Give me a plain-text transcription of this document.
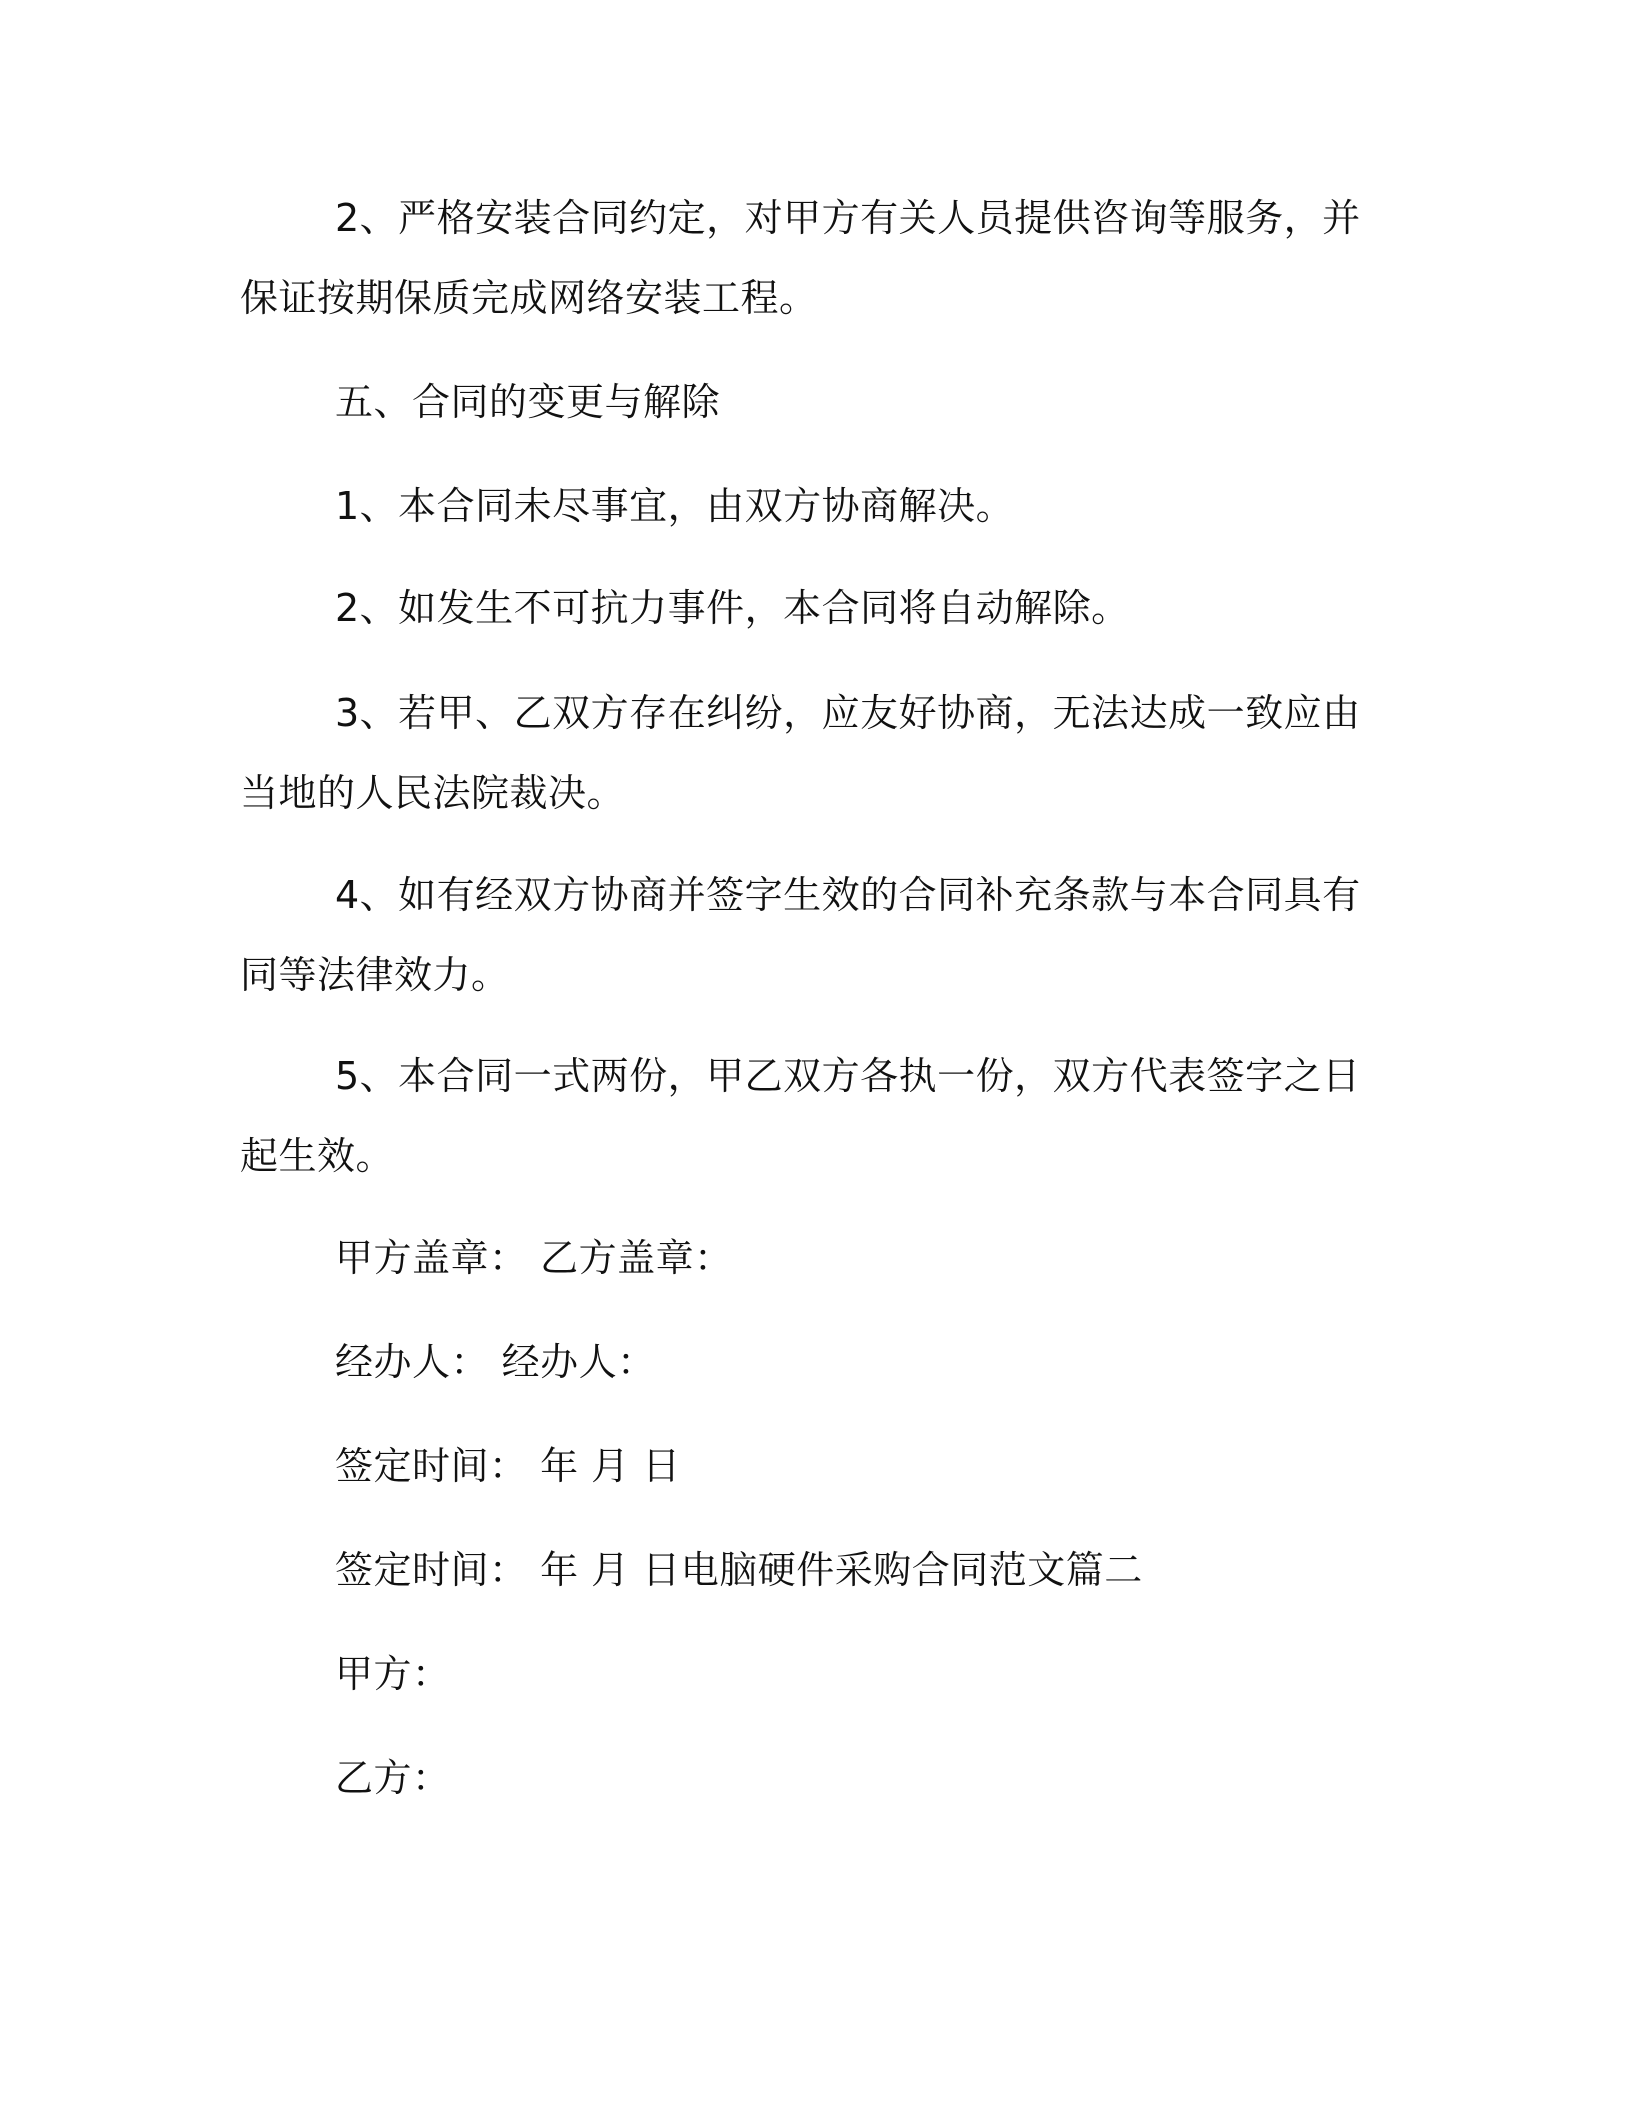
2、严格安装合同约定，对甲方有关人员提供咨询等服务，并保证按期保质完成网络安装工程。

五、合同的变更与解除

1、本合同未尽事宜，由双方协商解决。

2、如发生不可抗力事件，本合同将自动解除。

3、若甲、乙双方存在纠纷，应友好协商，无法达成一致应由当地的人民法院裁决。

4、如有经双方协商并签字生效的合同补充条款与本合同具有同等法律效力。

5、本合同一式两份，甲乙双方各执一份，双方代表签字之日起生效。

甲方盖章： 乙方盖章：

经办人： 经办人：

签定时间： 年 月 日

签定时间： 年 月 日电脑硬件采购合同范文篇二

甲方：

乙方：
